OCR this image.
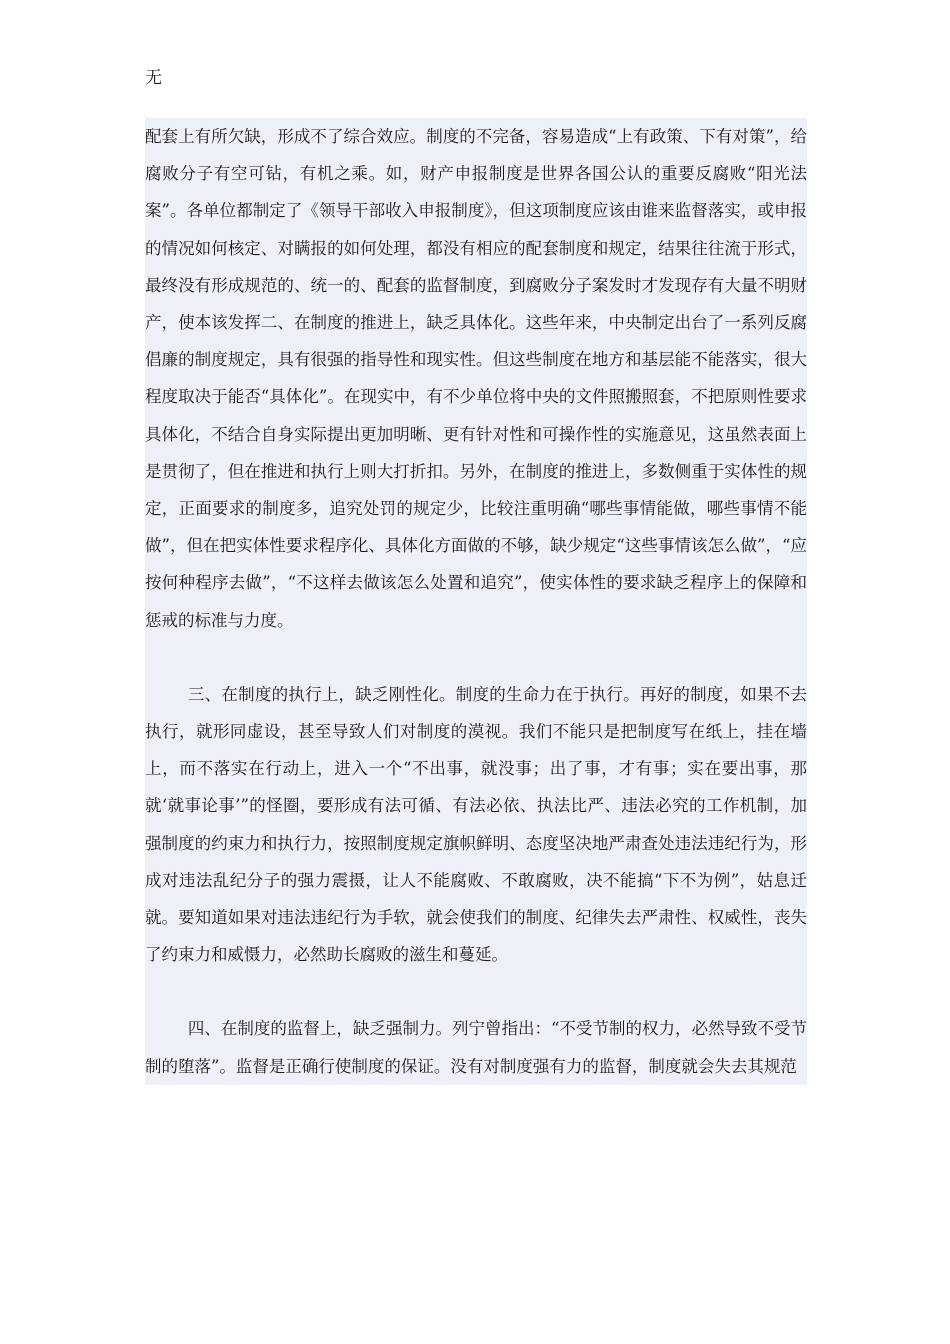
无

配套上有所欠缺，形成不了综合效应。制度的不完备，容易造成“上有政策、下有对策”，给腐败分子有空可钻，有机之乘。如，财产申报制度是世界各国公认的重要反腐败“阳光法案”。各单位都制定了《领导干部收入申报制度》，但这项制度应该由谁来监督落实，或申报的情况如何核定、对瞒报的如何处理，都没有相应的配套制度和规定，结果往往流于形式，最终没有形成规范的、统一的、配套的监督制度，到腐败分子案发时才发现存有大量不明财产，使本该发挥二、在制度的推进上，缺乏具体化。这些年来，中央制定出台了一系列反腐倡廉的制度规定，具有很强的指导性和现实性。但这些制度在地方和基层能不能落实，很大程度取决于能否“具体化”。在现实中，有不少单位将中央的文件照搬照套，不把原则性要求具体化，不结合自身实际提出更加明晰、更有针对性和可操作性的实施意见，这虽然表面上是贯彻了，但在推进和执行上则大打折扣。另外，在制度的推进上，多数侧重于实体性的规定，正面要求的制度多，追究处罚的规定少，比较注重明确“哪些事情能做，哪些事情不能做”，但在把实体性要求程序化、具体化方面做的不够，缺少规定“这些事情该怎么做”，“应按何种程序去做”，“不这样去做该怎么处置和追究”，使实体性的要求缺乏程序上的保障和惩戒的标准与力度。

三、在制度的执行上，缺乏刚性化。制度的生命力在于执行。再好的制度，如果不去执行，就形同虚设，甚至导致人们对制度的漠视。我们不能只是把制度写在纸上，挂在墙上，而不落实在行动上，进入一个“不出事，就没事；出了事，才有事；实在要出事，那就‘就事论事’”的怪圈，要形成有法可循、有法必依、执法比严、违法必究的工作机制，加强制度的约束力和执行力，按照制度规定旗帜鲜明、态度坚决地严肃查处违法违纪行为，形成对违法乱纪分子的强力震摄，让人不能腐败、不敢腐败，决不能搞“下不为例”，姑息迁就。要知道如果对违法违纪行为手软，就会使我们的制度、纪律失去严肃性、权威性，丧失了约束力和威慑力，必然助长腐败的滋生和蔓延。

四、在制度的监督上，缺乏强制力。列宁曾指出：“不受节制的权力，必然导致不受节制的堕落”。监督是正确行使制度的保证。没有对制度强有力的监督，制度就会失去其规范
